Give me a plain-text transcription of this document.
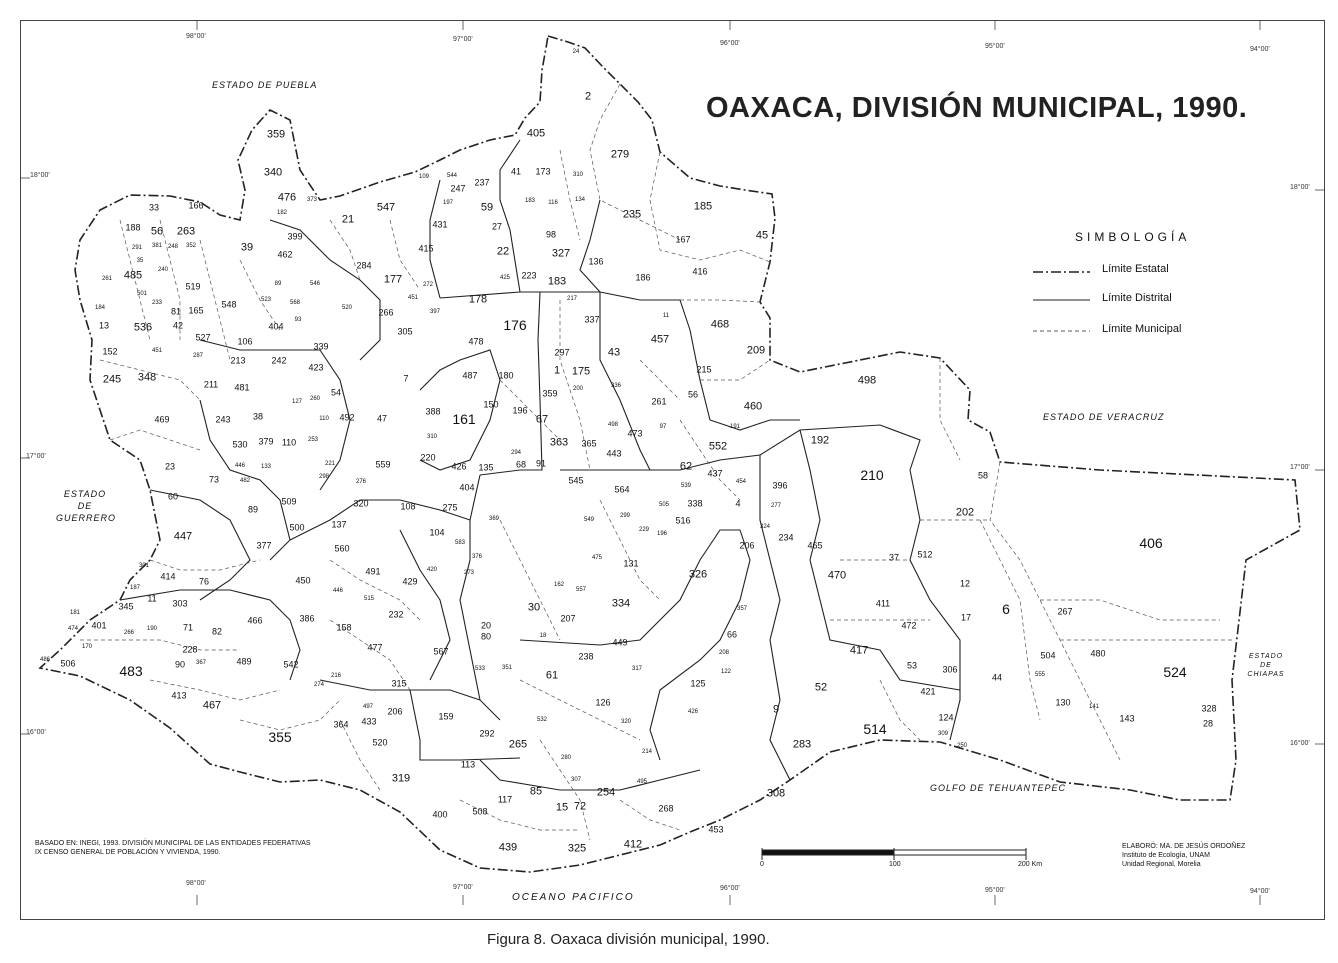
OAXACA, DIVISIÓN MUNICIPAL, 1990.
SIMBOLOGÍA
Límite Estatal
Límite Distrital
Límite Municipal
ESTADO DE PUEBLA
ESTADO DE VERACRUZ
ESTADO
DE
GUERRERO
ESTADO
DE
CHIAPAS
GOLFO DE TEHUANTEPEC
OCEANO PACIFICO
98°00'	97°00'
96°00'	95°00'	94°00'
98°00'
97°00'	96°00'	95°00'	94°00'
18°00'
17°00'
16°00'
18°00'
17°00'
16°00'
BASADO EN: INEGI, 1993. DIVISIÓN MUNICIPAL DE LAS ENTIDADES FEDERATIVAS
IX CENSO GENERAL DE POBLACIÓN Y VIVIENDA, 1990.
ELABORÓ: MA. DE JESÚS ORDOÑEZ
Instituto de Ecología, UNAM
Unidad Regional, Morelia
0	100	200 Km
24
2
359	405
279
340
476 373
41 173	310
109	544
247
237
33	166	547	197	59
183 116	134
235
185
182
21	431	27
98
188 56 263	399	167	45
291 381 248 352	39
462
415	22	327
136
35	284
416
485	240
177	425 223 183	186
261
519	89	546	272
501
523	568
451	178	217
184
233
81 165
548	520	266	397
11
337
13 536 42	404
93
305	176	468
527	106	478	457
152	451
287
339
297	43	209
213	242
423	215
245 348	487 180	1 175
498
211 481
7
336
54	359	200
56
127 260
150	261	460
161
196
469	243 38	110 492 47
388
67	498	191
192
473
97
530 379 110 253	310	363 365	552
294	443
220
23	446	133	221	559	426 135 68 91	62
437	210	58
73	482
298
276	545	454	396
404	564	539
60	509	320	338	4	277
89	108	275	505
202
369	549
299	516
137
500	324
229
196
104	234
447	406
206	465
377	560
583
37 512
376	475
131
301
491	420	273	326	470
414	76	450	429	12
187	162
557
446
11	515	334
303	411
30	357	6
181
345
232	267
17
466	386	207
401	71	158	472
474
266
190	82
20
66
80	18
449
170	228	477	567	417
208
238	504	480
486 506	90 367	489	542	53	306
483	533	351
61
317	122	524
216	44	555
274	315	125	52	421
413
126	130	141
467	497 206	9
426	328
159	532	320	124	143
364 433	28
514
292	309
355	520	265	283	250
214
280
113
319	495
308
307
85	254
117
15 72
508	268
400
453
412
439	325
Figura 8. Oaxaca división municipal, 1990.
